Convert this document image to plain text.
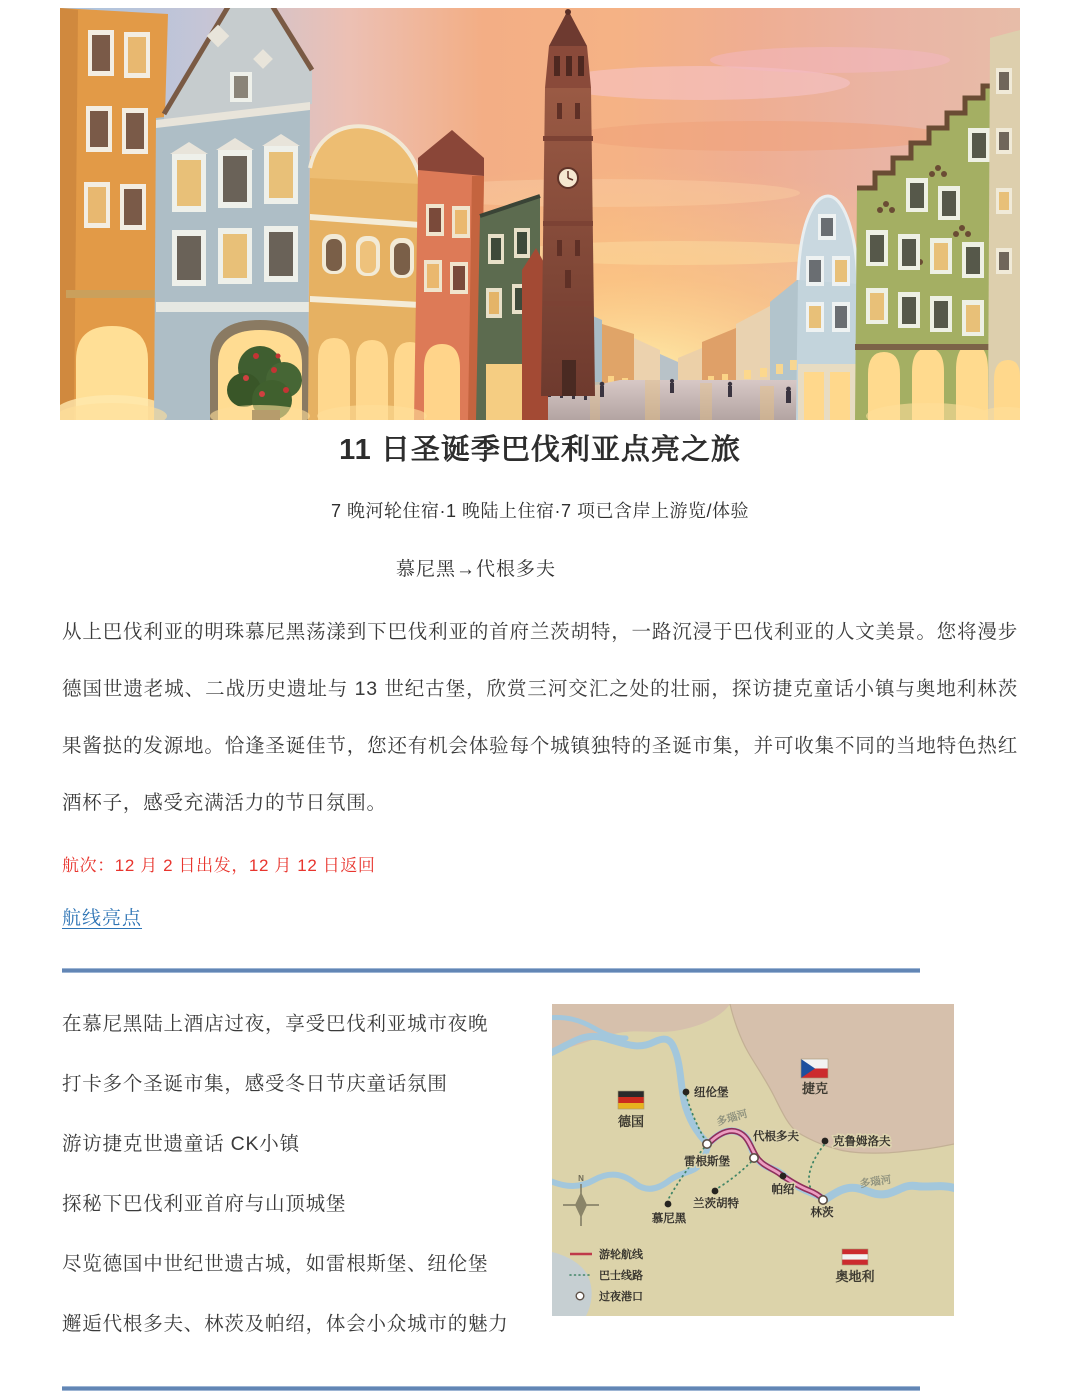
11 日圣诞季巴伐利亚点亮之旅
7 晚河轮住宿·1 晚陆上住宿·7 项已含岸上游览/体验
慕尼黑→代根多夫

从上巴伐利亚的明珠慕尼黑荡漾到下巴伐利亚的首府兰茨胡特，一路沉浸于巴伐利亚的人文美景。您将漫步德国世遗老城、二战历史遗址与 13 世纪古堡，欣赏三河交汇之处的壮丽，探访捷克童话小镇与奥地利林茨果酱挞的发源地。恰逢圣诞佳节，您还有机会体验每个城镇独特的圣诞市集，并可收集不同的当地特色热红酒杯子，感受充满活力的节日氛围。

航次：12 月 2 日出发，12 月 12 日返回
航线亮点
在慕尼黑陆上酒店过夜，享受巴伐利亚城市夜晚
打卡多个圣诞市集，感受冬日节庆童话氛围
游访捷克世遗童话 CK小镇
探秘下巴伐利亚首府与山顶城堡
尽览德国中世纪世遗古城，如雷根斯堡、纽伦堡
邂逅代根多夫、林茨及帕绍，体会小众城市的魅力
N
德国
捷克
奥地利
多瑙河
多瑙河
纽伦堡
雷根斯堡
代根多夫	克鲁姆洛夫
兰茨胡特
帕绍
慕尼黑	林茨
游轮航线
巴士线路
过夜港口
